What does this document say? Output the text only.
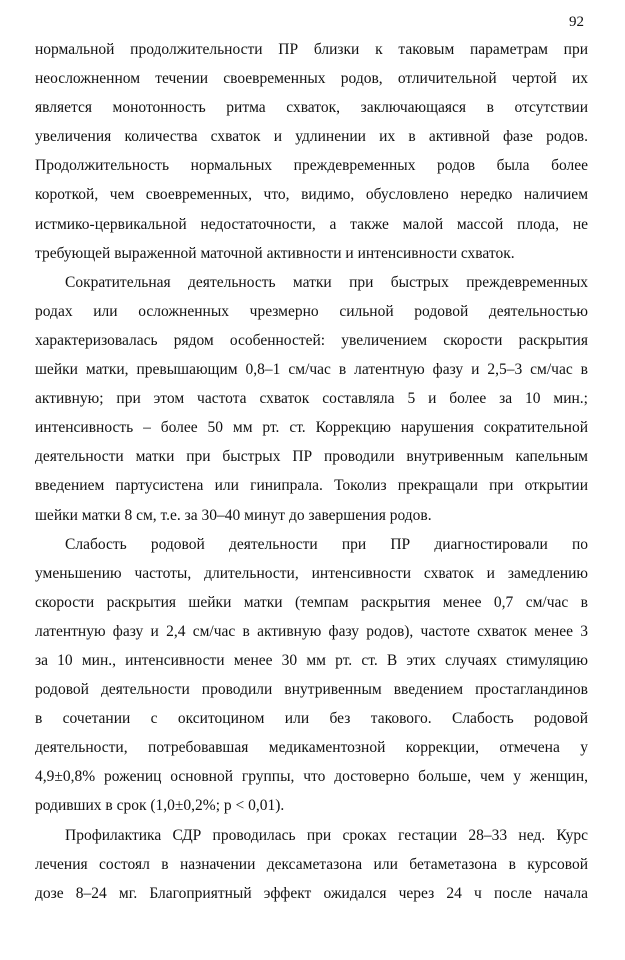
92
нормальной продолжительности ПР близки к таковым параметрам при
неосложненном течении своевременных родов, отличительной чертой их
является монотонность ритма схваток, заключающаяся в отсутствии
увеличения количества схваток и удлинении их в активной фазе родов.
Продолжительность нормальных преждевременных родов была более
короткой, чем своевременных, что, видимо, обусловлено нередко наличием
истмико-цервикальной недостаточности, а также малой массой плода, не
требующей выраженной маточной активности и интенсивности схваток.
Сократительная деятельность матки при быстрых преждевременных
родах или осложненных чрезмерно сильной родовой деятельностью
характеризовалась рядом особенностей: увеличением скорости раскрытия
шейки матки, превышающим 0,8–1 см/час в латентную фазу и 2,5–3 см/час в
активную; при этом частота схваток составляла 5 и более за 10 мин.;
интенсивность – более 50 мм рт. ст. Коррекцию нарушения сократительной
деятельности матки при быстрых ПР проводили внутривенным капельным
введением партусистена или гинипрала. Токолиз прекращали при открытии
шейки матки 8 см, т.е. за 30–40 минут до завершения родов.
Слабость родовой деятельности при ПР диагностировали по
уменьшению частоты, длительности, интенсивности схваток и замедлению
скорости раскрытия шейки матки (темпам раскрытия менее 0,7 см/час в
латентную фазу и 2,4 см/час в активную фазу родов), частоте схваток менее 3
за 10 мин., интенсивности менее 30 мм рт. ст. В этих случаях стимуляцию
родовой деятельности проводили внутривенным введением простагландинов
в сочетании с окситоцином или без такового. Слабость родовой
деятельности, потребовавшая медикаментозной коррекции, отмечена у
4,9±0,8% рожениц основной группы, что достоверно больше, чем у женщин,
родивших в срок (1,0±0,2%; p < 0,01).
Профилактика СДР проводилась при сроках гестации 28–33 нед. Курс
лечения состоял в назначении дексаметазона или бетаметазона в курсовой
дозе 8–24 мг. Благоприятный эффект ожидался через 24 ч после начала
